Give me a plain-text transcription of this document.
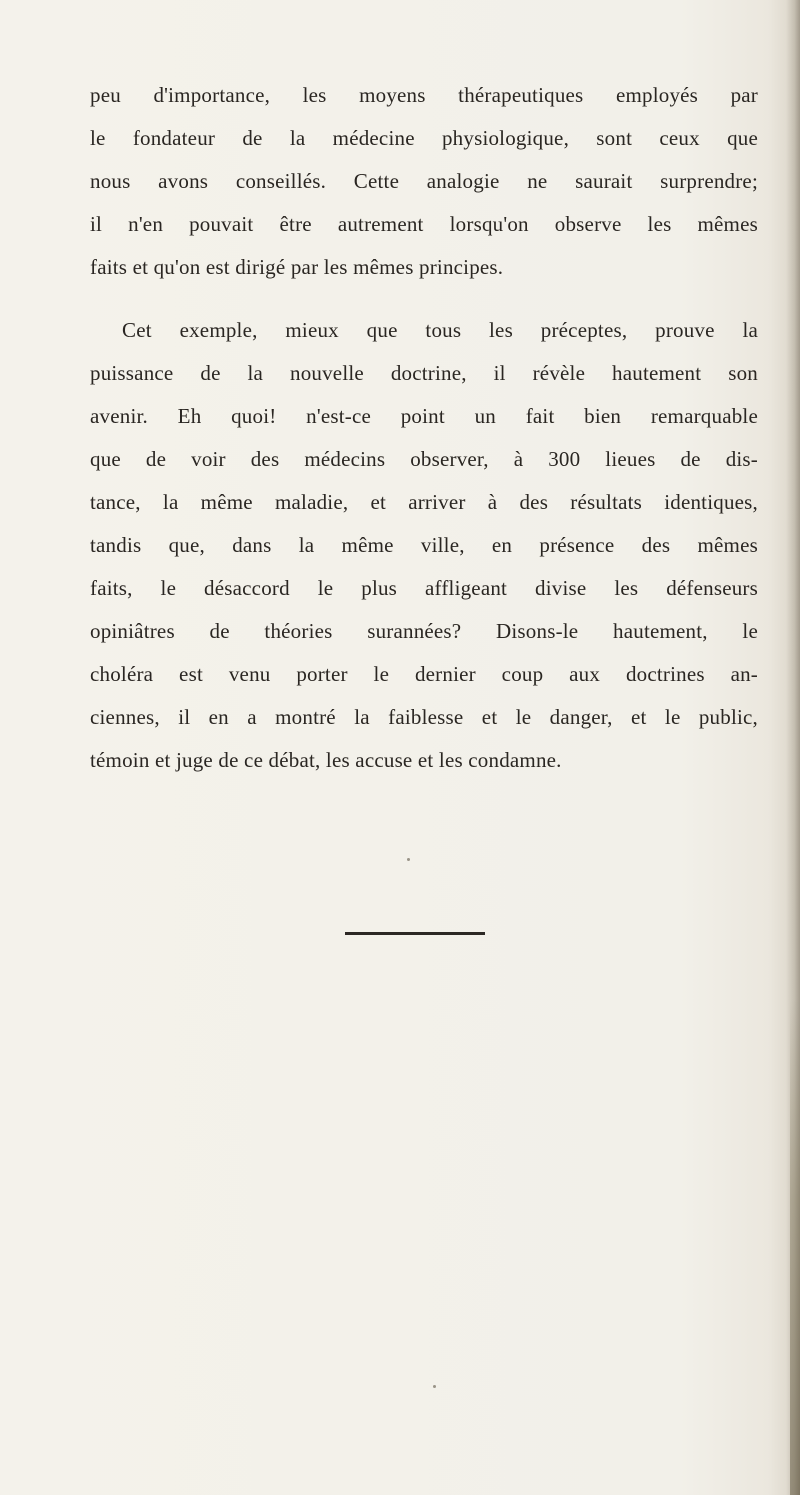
peu d'importance, les moyens thérapeutiques employés par
le fondateur de la médecine physiologique, sont ceux que
nous avons conseillés. Cette analogie ne saurait surprendre;
il n'en pouvait être autrement lorsqu'on observe les mêmes
faits et qu'on est dirigé par les mêmes principes.
Cet exemple, mieux que tous les préceptes, prouve la
puissance de la nouvelle doctrine, il révèle hautement son
avenir. Eh quoi! n'est-ce point un fait bien remarquable
que de voir des médecins observer, à 300 lieues de dis-
tance, la même maladie, et arriver à des résultats identiques,
tandis que, dans la même ville, en présence des mêmes
faits, le désaccord le plus affligeant divise les défenseurs
opiniâtres de théories surannées? Disons-le hautement, le
choléra est venu porter le dernier coup aux doctrines an-
ciennes, il en a montré la faiblesse et le danger, et le public,
témoin et juge de ce débat, les accuse et les condamne.
